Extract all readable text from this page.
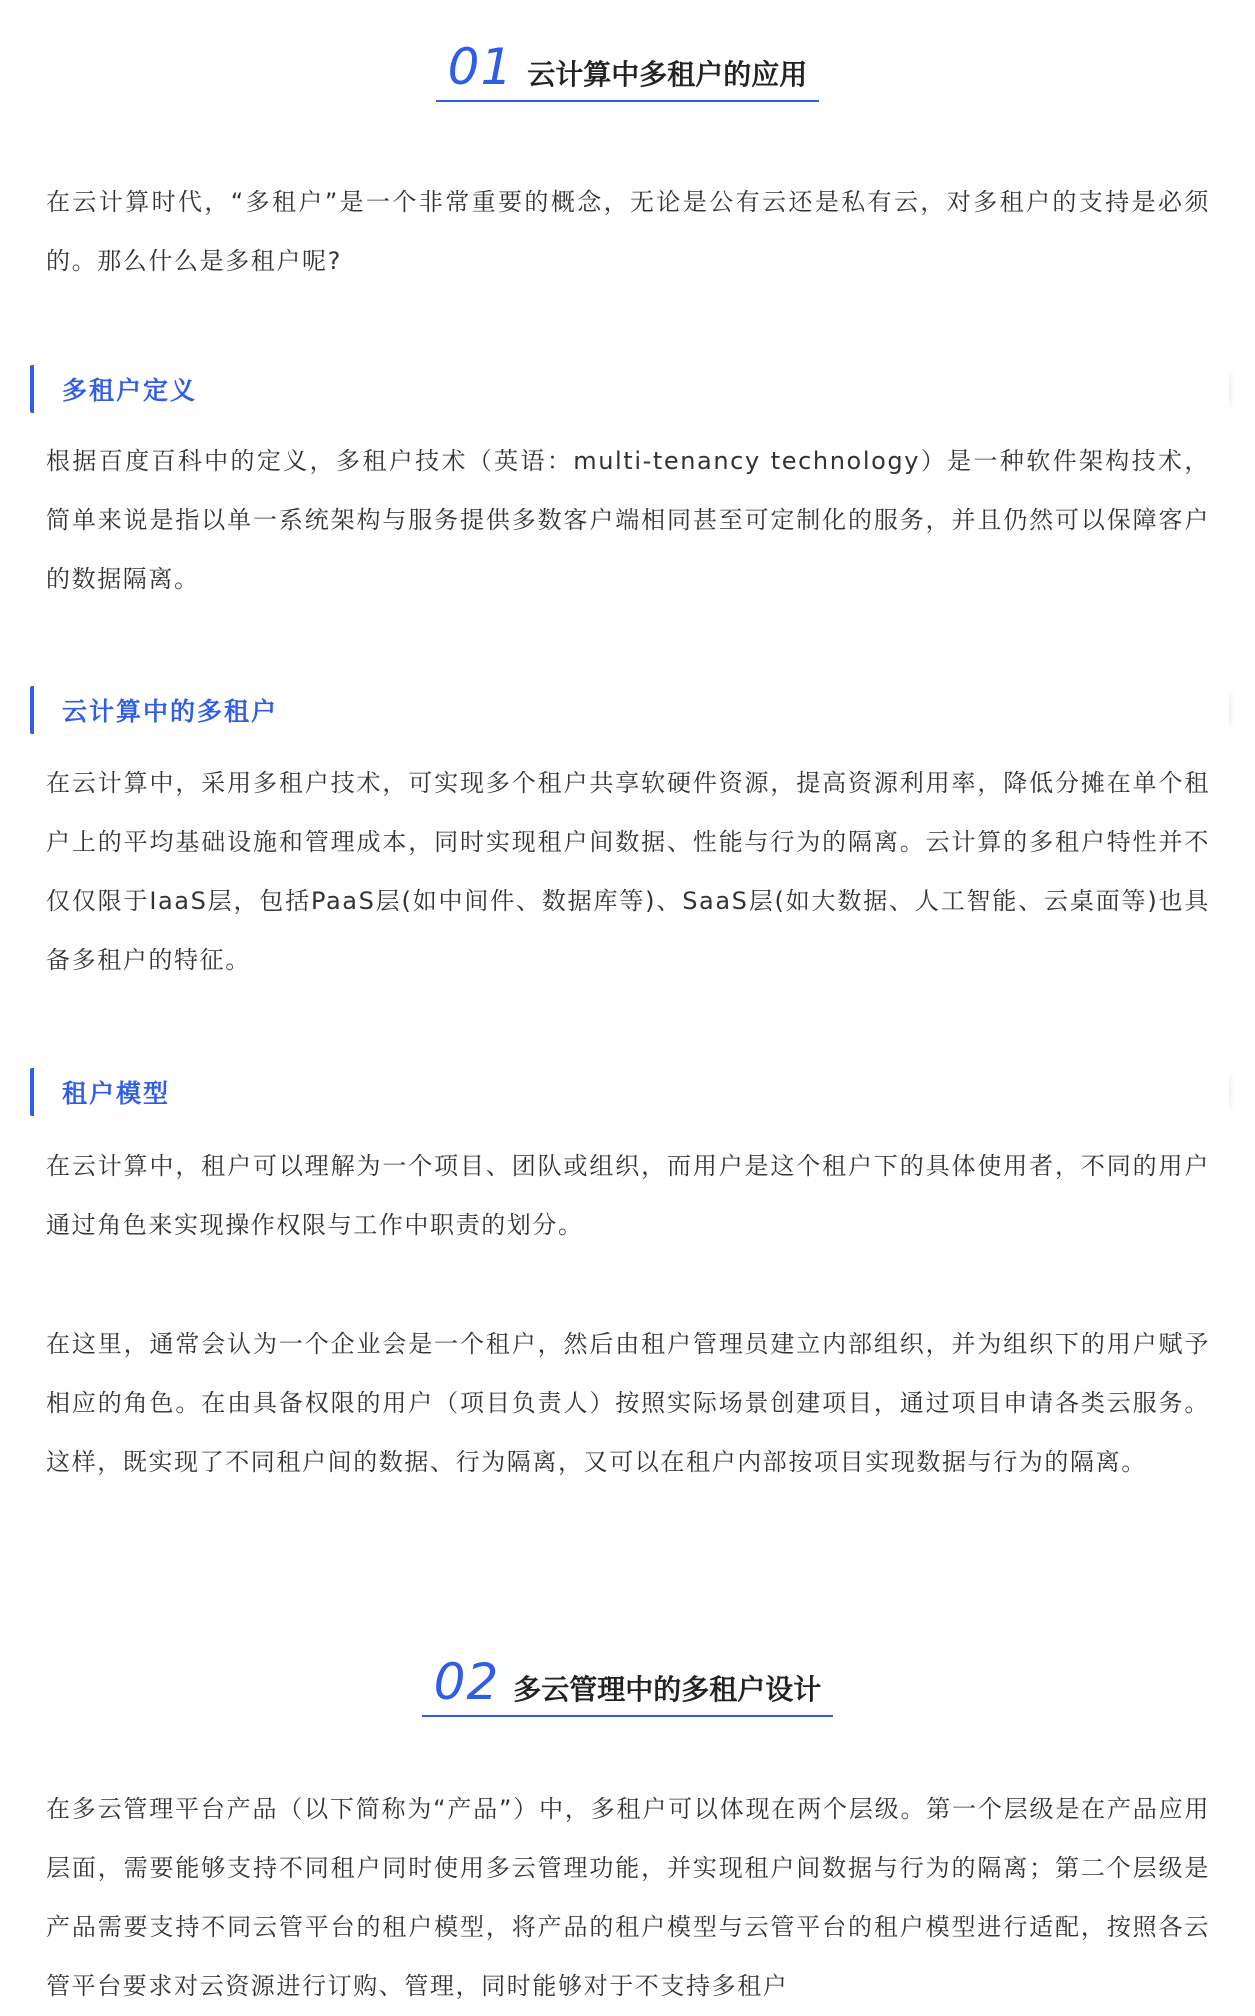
01 云计算中多租户的应用

在云计算时代，“多租户”是一个非常重要的概念，无论是公有云还是私有云，对多租户的支持是必须的。那么什么是多租户呢?

多租户定义

根据百度百科中的定义，多租户技术（英语：multi-tenancy technology）是一种软件架构技术，简单来说是指以单一系统架构与服务提供多数客户端相同甚至可定制化的服务，并且仍然可以保障客户的数据隔离。

云计算中的多租户

在云计算中，采用多租户技术，可实现多个租户共享软硬件资源，提高资源利用率，降低分摊在单个租户上的平均基础设施和管理成本，同时实现租户间数据、性能与行为的隔离。云计算的多租户特性并不仅仅限于IaaS层，包括PaaS层(如中间件、数据库等)、SaaS层(如大数据、人工智能、云桌面等)也具备多租户的特征。

租户模型

在云计算中，租户可以理解为一个项目、团队或组织，而用户是这个租户下的具体使用者，不同的用户通过角色来实现操作权限与工作中职责的划分。

在这里，通常会认为一个企业会是一个租户，然后由租户管理员建立内部组织，并为组织下的用户赋予相应的角色。在由具备权限的用户（项目负责人）按照实际场景创建项目，通过项目申请各类云服务。这样，既实现了不同租户间的数据、行为隔离，又可以在租户内部按项目实现数据与行为的隔离。

02 多云管理中的多租户设计

在多云管理平台产品（以下简称为“产品”）中，多租户可以体现在两个层级。第一个层级是在产品应用层面，需要能够支持不同租户同时使用多云管理功能，并实现租户间数据与行为的隔离；第二个层级是产品需要支持不同云管平台的租户模型，将产品的租户模型与云管平台的租户模型进行适配，按照各云管平台要求对云资源进行订购、管理，同时能够对于不支持多租户
